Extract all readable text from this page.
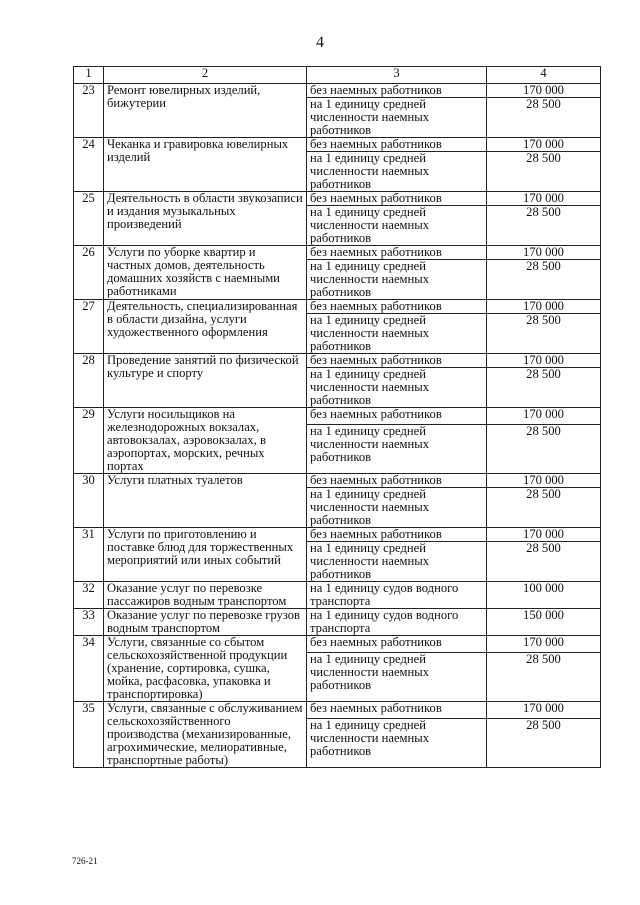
4
1	2	3	4
23	Ремонт ювелирных изделий, бижутерии	без наемных работников	170 000
		на 1 единицу средней численности наемных работников	28 500
24	Чеканка и гравировка ювелирных изделий	без наемных работников	170 000
		на 1 единицу средней численности наемных работников	28 500
25	Деятельность в области звукозаписи и издания музыкальных произведений	без наемных работников	170 000
		на 1 единицу средней численности наемных работников	28 500
26	Услуги по уборке квартир и частных домов, деятельность домашних хозяйств с наемными работниками	без наемных работников	170 000
		на 1 единицу средней численности наемных работников	28 500
27	Деятельность, специализированная в области дизайна, услуги художественного оформления	без наемных работников	170 000
		на 1 единицу средней численности наемных работников	28 500
28	Проведение занятий по физической культуре и спорту	без наемных работников	170 000
		на 1 единицу средней численности наемных работников	28 500
29	Услуги носильщиков на железнодорожных вокзалах, автовокзалах, аэровокзалах, в аэропортах, морских, речных портах	без наемных работников	170 000
		на 1 единицу средней численности наемных работников	28 500
30	Услуги платных туалетов	без наемных работников	170 000
		на 1 единицу средней численности наемных работников	28 500
31	Услуги по приготовлению и поставке блюд для торжественных мероприятий или иных событий	без наемных работников	170 000
		на 1 единицу средней численности наемных работников	28 500
32	Оказание услуг по перевозке пассажиров водным транспортом	на 1 единицу судов водного транспорта	100 000
33	Оказание услуг по перевозке грузов водным транспортом	на 1 единицу судов водного транспорта	150 000
34	Услуги, связанные со сбытом сельскохозяйственной продукции (хранение, сортировка, сушка, мойка, расфасовка, упаковка и транспортировка)	без наемных работников	170 000
		на 1 единицу средней численности наемных работников	28 500
35	Услуги, связанные с обслуживанием сельскохозяйственного производства (механизированные, агрохимические, мелиоративные, транспортные работы)	без наемных работников	170 000
		на 1 единицу средней численности наемных работников	28 500
726-21
